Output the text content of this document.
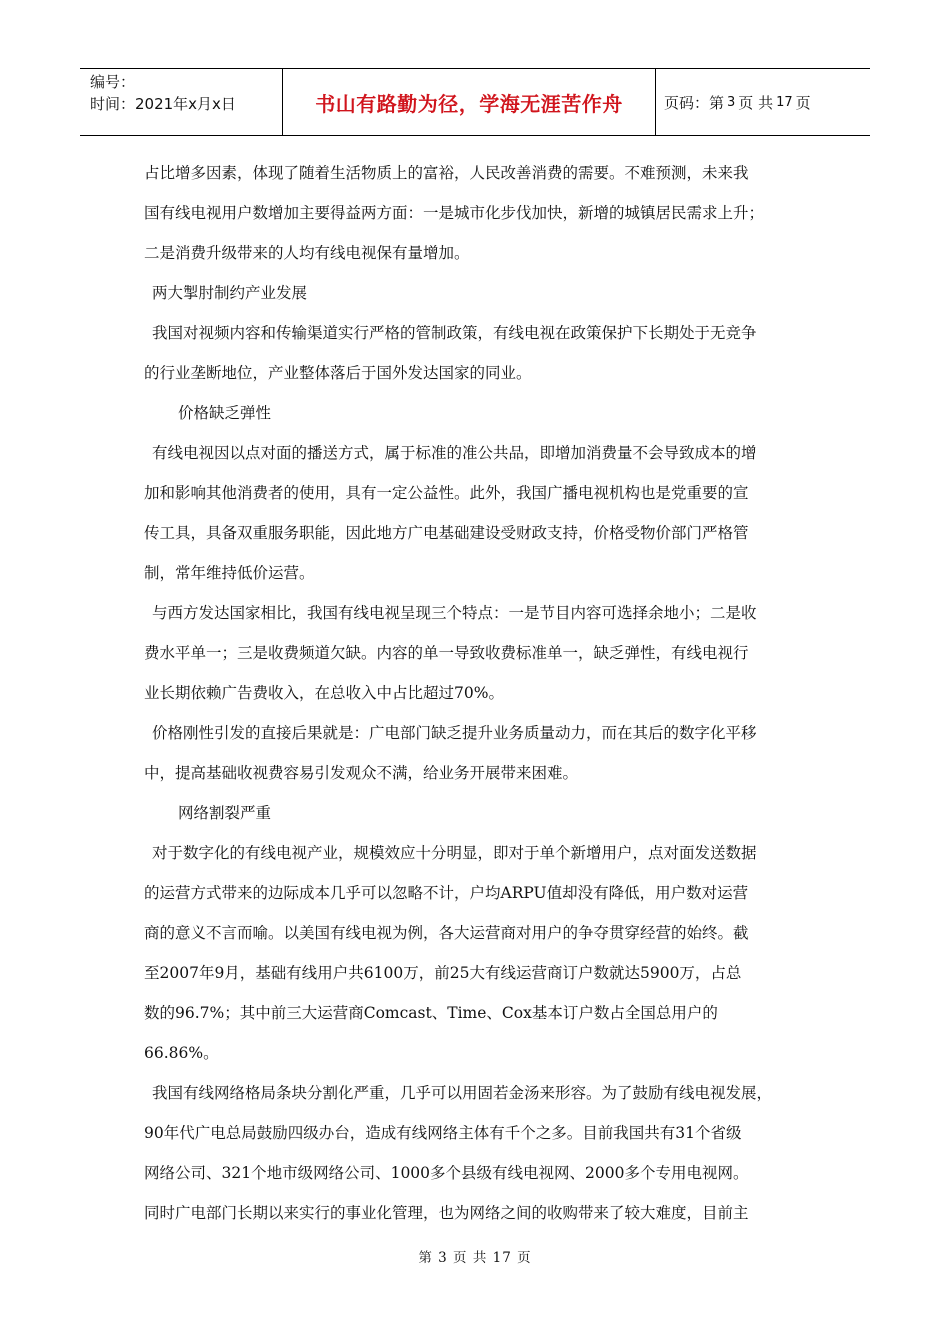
编号：
时间：2021年x月x日	书山有路勤为径，学海无涯苦作舟	页码：第 3 页 共 17 页
占比增多因素，体现了随着生活物质上的富裕，人民改善消费的需要。不难预测，未来我
国有线电视用户数增加主要得益两方面：一是城市化步伐加快，新增的城镇居民需求上升；
二是消费升级带来的人均有线电视保有量增加。
两大掣肘制约产业发展
我国对视频内容和传输渠道实行严格的管制政策，有线电视在政策保护下长期处于无竞争
的行业垄断地位，产业整体落后于国外发达国家的同业。
价格缺乏弹性
有线电视因以点对面的播送方式，属于标准的准公共品，即增加消费量不会导致成本的增
加和影响其他消费者的使用，具有一定公益性。此外，我国广播电视机构也是党重要的宣
传工具，具备双重服务职能，因此地方广电基础建设受财政支持，价格受物价部门严格管
制，常年维持低价运营。
与西方发达国家相比，我国有线电视呈现三个特点：一是节目内容可选择余地小；二是收
费水平单一；三是收费频道欠缺。内容的单一导致收费标准单一，缺乏弹性，有线电视行
业长期依赖广告费收入，在总收入中占比超过70%。
价格刚性引发的直接后果就是：广电部门缺乏提升业务质量动力，而在其后的数字化平移
中，提高基础收视费容易引发观众不满，给业务开展带来困难。
网络割裂严重
对于数字化的有线电视产业，规模效应十分明显，即对于单个新增用户，点对面发送数据
的运营方式带来的边际成本几乎可以忽略不计，户均ARPU值却没有降低，用户数对运营
商的意义不言而喻。以美国有线电视为例，各大运营商对用户的争夺贯穿经营的始终。截
至2007年9月，基础有线用户共6100万，前25大有线运营商订户数就达5900万，占总
数的96.7%；其中前三大运营商Comcast、Time、Cox基本订户数占全国总用户的
66.86%。
我国有线网络格局条块分割化严重，几乎可以用固若金汤来形容。为了鼓励有线电视发展，
90年代广电总局鼓励四级办台，造成有线网络主体有千个之多。目前我国共有31个省级
网络公司、321个地市级网络公司、1000多个县级有线电视网、2000多个专用电视网。
同时广电部门长期以来实行的事业化管理，也为网络之间的收购带来了较大难度，目前主
第 3 页 共 17 页
